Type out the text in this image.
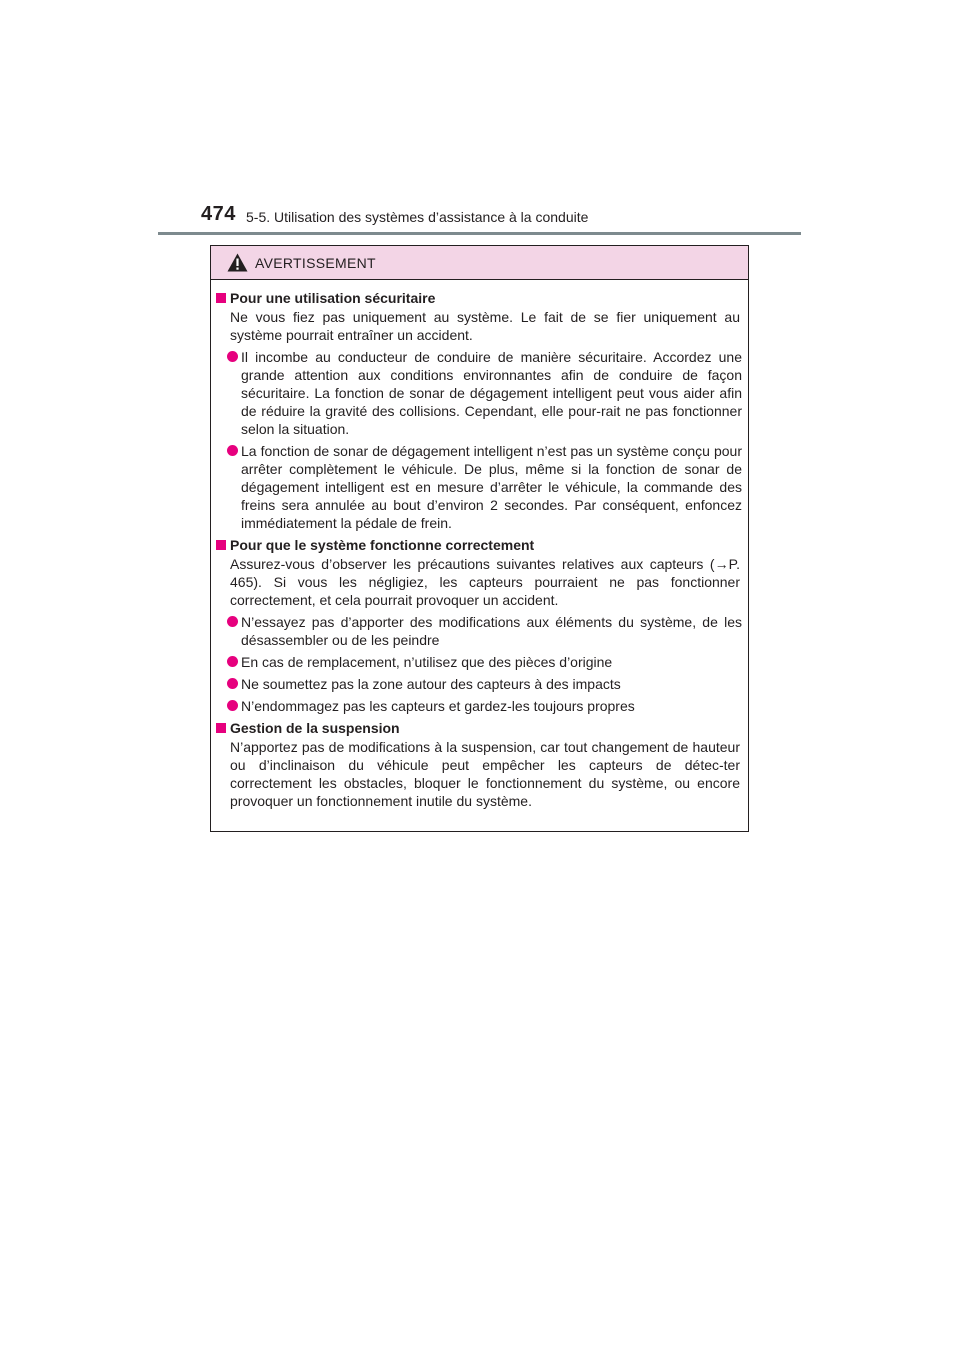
474 5-5. Utilisation des systèmes d’assistance à la conduite
AVERTISSEMENT
Pour une utilisation sécuritaire
Ne vous fiez pas uniquement au système. Le fait de se fier uniquement au système pourrait entraîner un accident.
Il incombe au conducteur de conduire de manière sécuritaire. Accordez une grande attention aux conditions environnantes afin de conduire de façon sécuritaire. La fonction de sonar de dégagement intelligent peut vous aider afin de réduire la gravité des collisions. Cependant, elle pour-rait ne pas fonctionner selon la situation.
La fonction de sonar de dégagement intelligent n’est pas un système conçu pour arrêter complètement le véhicule. De plus, même si la fonction de sonar de dégagement intelligent est en mesure d’arrêter le véhicule, la commande des freins sera annulée au bout d’environ 2 secondes. Par conséquent, enfoncez immédiatement la pédale de frein.
Pour que le système fonctionne correctement
Assurez-vous d’observer les précautions suivantes relatives aux capteurs (→P. 465). Si vous les négligiez, les capteurs pourraient ne pas fonctionner correctement, et cela pourrait provoquer un accident.
N’essayez pas d’apporter des modifications aux éléments du système, de les désassembler ou de les peindre
En cas de remplacement, n’utilisez que des pièces d’origine
Ne soumettez pas la zone autour des capteurs à des impacts
N’endommagez pas les capteurs et gardez-les toujours propres
Gestion de la suspension
N’apportez pas de modifications à la suspension, car tout changement de hauteur ou d’inclinaison du véhicule peut empêcher les capteurs de détec-ter correctement les obstacles, bloquer le fonctionnement du système, ou encore provoquer un fonctionnement inutile du système.
